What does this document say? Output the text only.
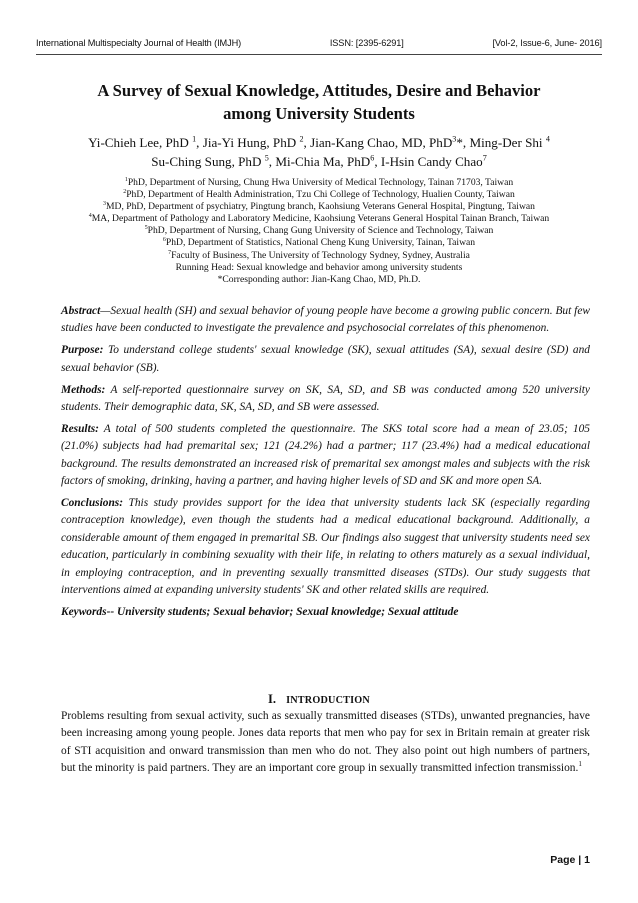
International Multispecialty Journal of Health (IMJH)	ISSN: [2395-6291]	[Vol-2, Issue-6, June- 2016]
A Survey of Sexual Knowledge, Attitudes, Desire and Behavior
among University Students
Yi-Chieh Lee, PhD $^1$, Jia-Yi Hung, PhD $^2$, Jian-Kang Chao, MD, PhD$^3$*, Ming-Der Shi $^4$
Su-Ching Sung, PhD $^5$, Mi-Chia Ma, PhD$^6$, I-Hsin Candy Chao$^7$
$^1$PhD, Department of Nursing, Chung Hwa University of Medical Technology, Tainan 71703, Taiwan
$^2$PhD, Department of Health Administration, Tzu Chi College of Technology, Hualien County, Taiwan
$^3$MD, PhD, Department of psychiatry, Pingtung branch, Kaohsiung Veterans General Hospital, Pingtung, Taiwan
$^4$MA, Department of Pathology and Laboratory Medicine, Kaohsiung Veterans General Hospital Tainan Branch, Taiwan
$^5$PhD, Department of Nursing, Chang Gung University of Science and Technology, Taiwan
$^6$PhD, Department of Statistics, National Cheng Kung University, Tainan, Taiwan
$^7$Faculty of Business, The University of Technology Sydney, Sydney, Australia
Running Head: Sexual knowledge and behavior among university students
*Corresponding author: Jian-Kang Chao, MD, Ph.D.

Abstract—Sexual health (SH) and sexual behavior of young people have become a growing public concern. But few studies have been conducted to investigate the prevalence and psychosocial correlates of this phenomenon.

Purpose: To understand college students' sexual knowledge (SK), sexual attitudes (SA), sexual desire (SD) and sexual behavior (SB).

Methods: A self-reported questionnaire survey on SK, SA, SD, and SB was conducted among 520 university students. Their demographic data, SK, SA, SD, and SB were assessed.

Results: A total of 500 students completed the questionnaire. The SKS total score had a mean of 23.05; 105 (21.0%) subjects had had premarital sex; 121 (24.2%) had a partner; 117 (23.4%) had a medical educational background. The results demonstrated an increased risk of premarital sex amongst males and subjects with the risk factors of smoking, drinking, having a partner, and having higher levels of SD and SK and more open SA.

Conclusions: This study provides support for the idea that university students lack SK (especially regarding contraception knowledge), even though the students had a medical educational background. Additionally, a considerable amount of them engaged in premarital SB. Our findings also suggest that university students need sex education, particularly in combining sexuality with their life, in relating to others maturely as a sexual individual, in employing contraception, and in preventing sexually transmitted diseases (STDs). Our study suggests that interventions aimed at expanding university students' SK and other related skills are required.

Keywords-- University students; Sexual behavior; Sexual knowledge; Sexual attitude

I. INTRODUCTION

Problems resulting from sexual activity, such as sexually transmitted diseases (STDs), unwanted pregnancies, have been increasing among young people. Jones data reports that men who pay for sex in Britain remain at greater risk of STI acquisition and onward transmission than men who do not. They also point out high numbers of partners, but the minority is paid partners. They are an important core group in sexually transmitted infection transmission.$^1$

Page | 1
